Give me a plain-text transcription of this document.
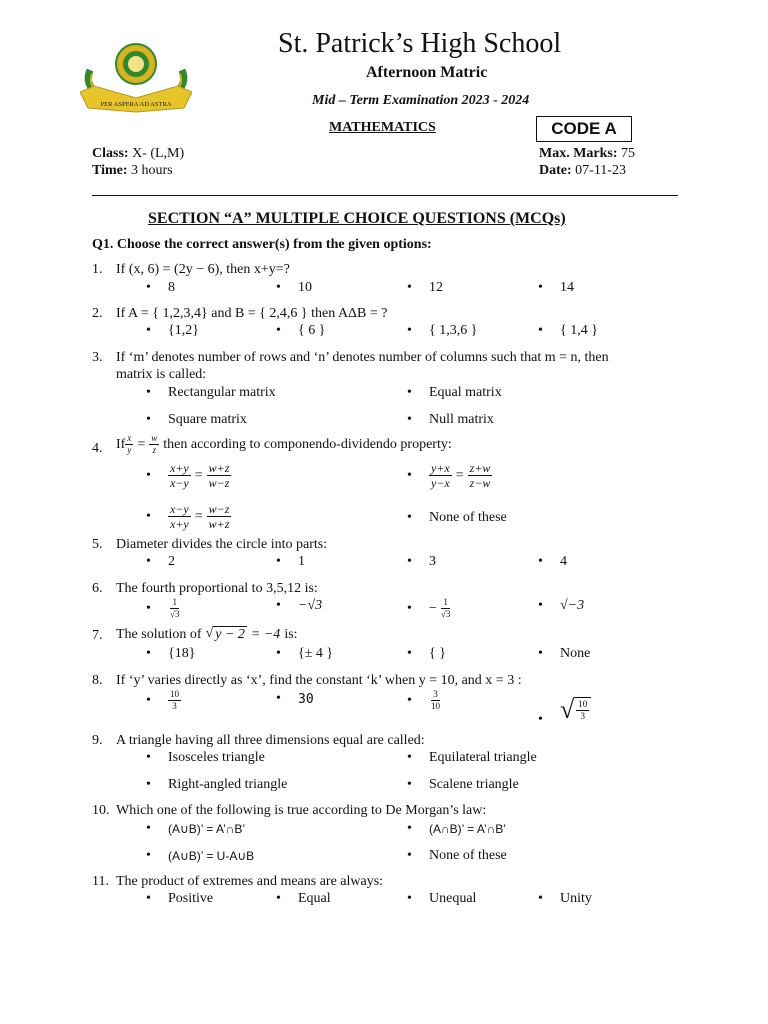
PER ASPERA AD ASTRA
St. Patrick’s High School
Afternoon Matric
Mid – Term Examination 2023 - 2024
MATHEMATICS	CODE A
Class: X- (L,M)
Time: 3 hours
Max. Marks: 75
Date: 07-11-23
SECTION “A” MULTIPLE CHOICE QUESTIONS (MCQs)
Q1. Choose the correct answer(s) from the given options:
1. If (x, 6) = (2y − 6), then x+y=?
•	8	•	10	•	12	•	14
2. If A = { 1,2,3,4} and B = { 2,4,6 } then AΔB = ?
•	{1,2}	•	{ 6 }	•	{ 1,3,6 }	•	{ 1,4 }
3. If ‘m’ denotes number of rows and ‘n’ denotes number of columns such that m = n, then
matrix is called:
•	Rectangular matrix	•	Equal matrix
•	Square matrix	•	Null matrix
4. If $\frac{x}{y} = \frac{w}{z}$ then according to componendo-dividendo property:
•	$\frac{x+y}{x-y} = \frac{w+z}{w-z}$	•	$\frac{y+x}{y-x} = \frac{z+w}{z-w}$
•	$\frac{x-y}{x+y} = \frac{w-z}{w+z}$	•	None of these
5. Diameter divides the circle into parts:
•	2	•	1	•	3	•	4
6. The fourth proportional to 3,5,12 is:
•	$\frac{1}{√3}$	•	−√3	•	− $\frac{1}{√3}$	•	√−3
7. The solution of √ y − 2 = −4 is:
•	{18}	•	{± 4 }	•	{ }	•	None
8. If ‘y’ varies directly as ‘x’, find the constant ‘k’ when y = 10, and x = 3 :
•	$\frac{10}{3}$	•	30	•	$\frac{3}{10}$
• √ $\frac{10}{3}$
9. A triangle having all three dimensions equal are called:
•	Isosceles triangle	•	Equilateral triangle
•	Right-angled triangle	•	Scalene triangle
10. Which one of the following is true according to De Morgan’s law:
•	(A∪B)’ = A’∩B’	•	(A∩B)’ = A’∩B’
•	(A∪B)’ = U-A∪B	•	None of these
11. The product of extremes and means are always:
•	Positive	•	Equal	•	Unequal	•	Unity
